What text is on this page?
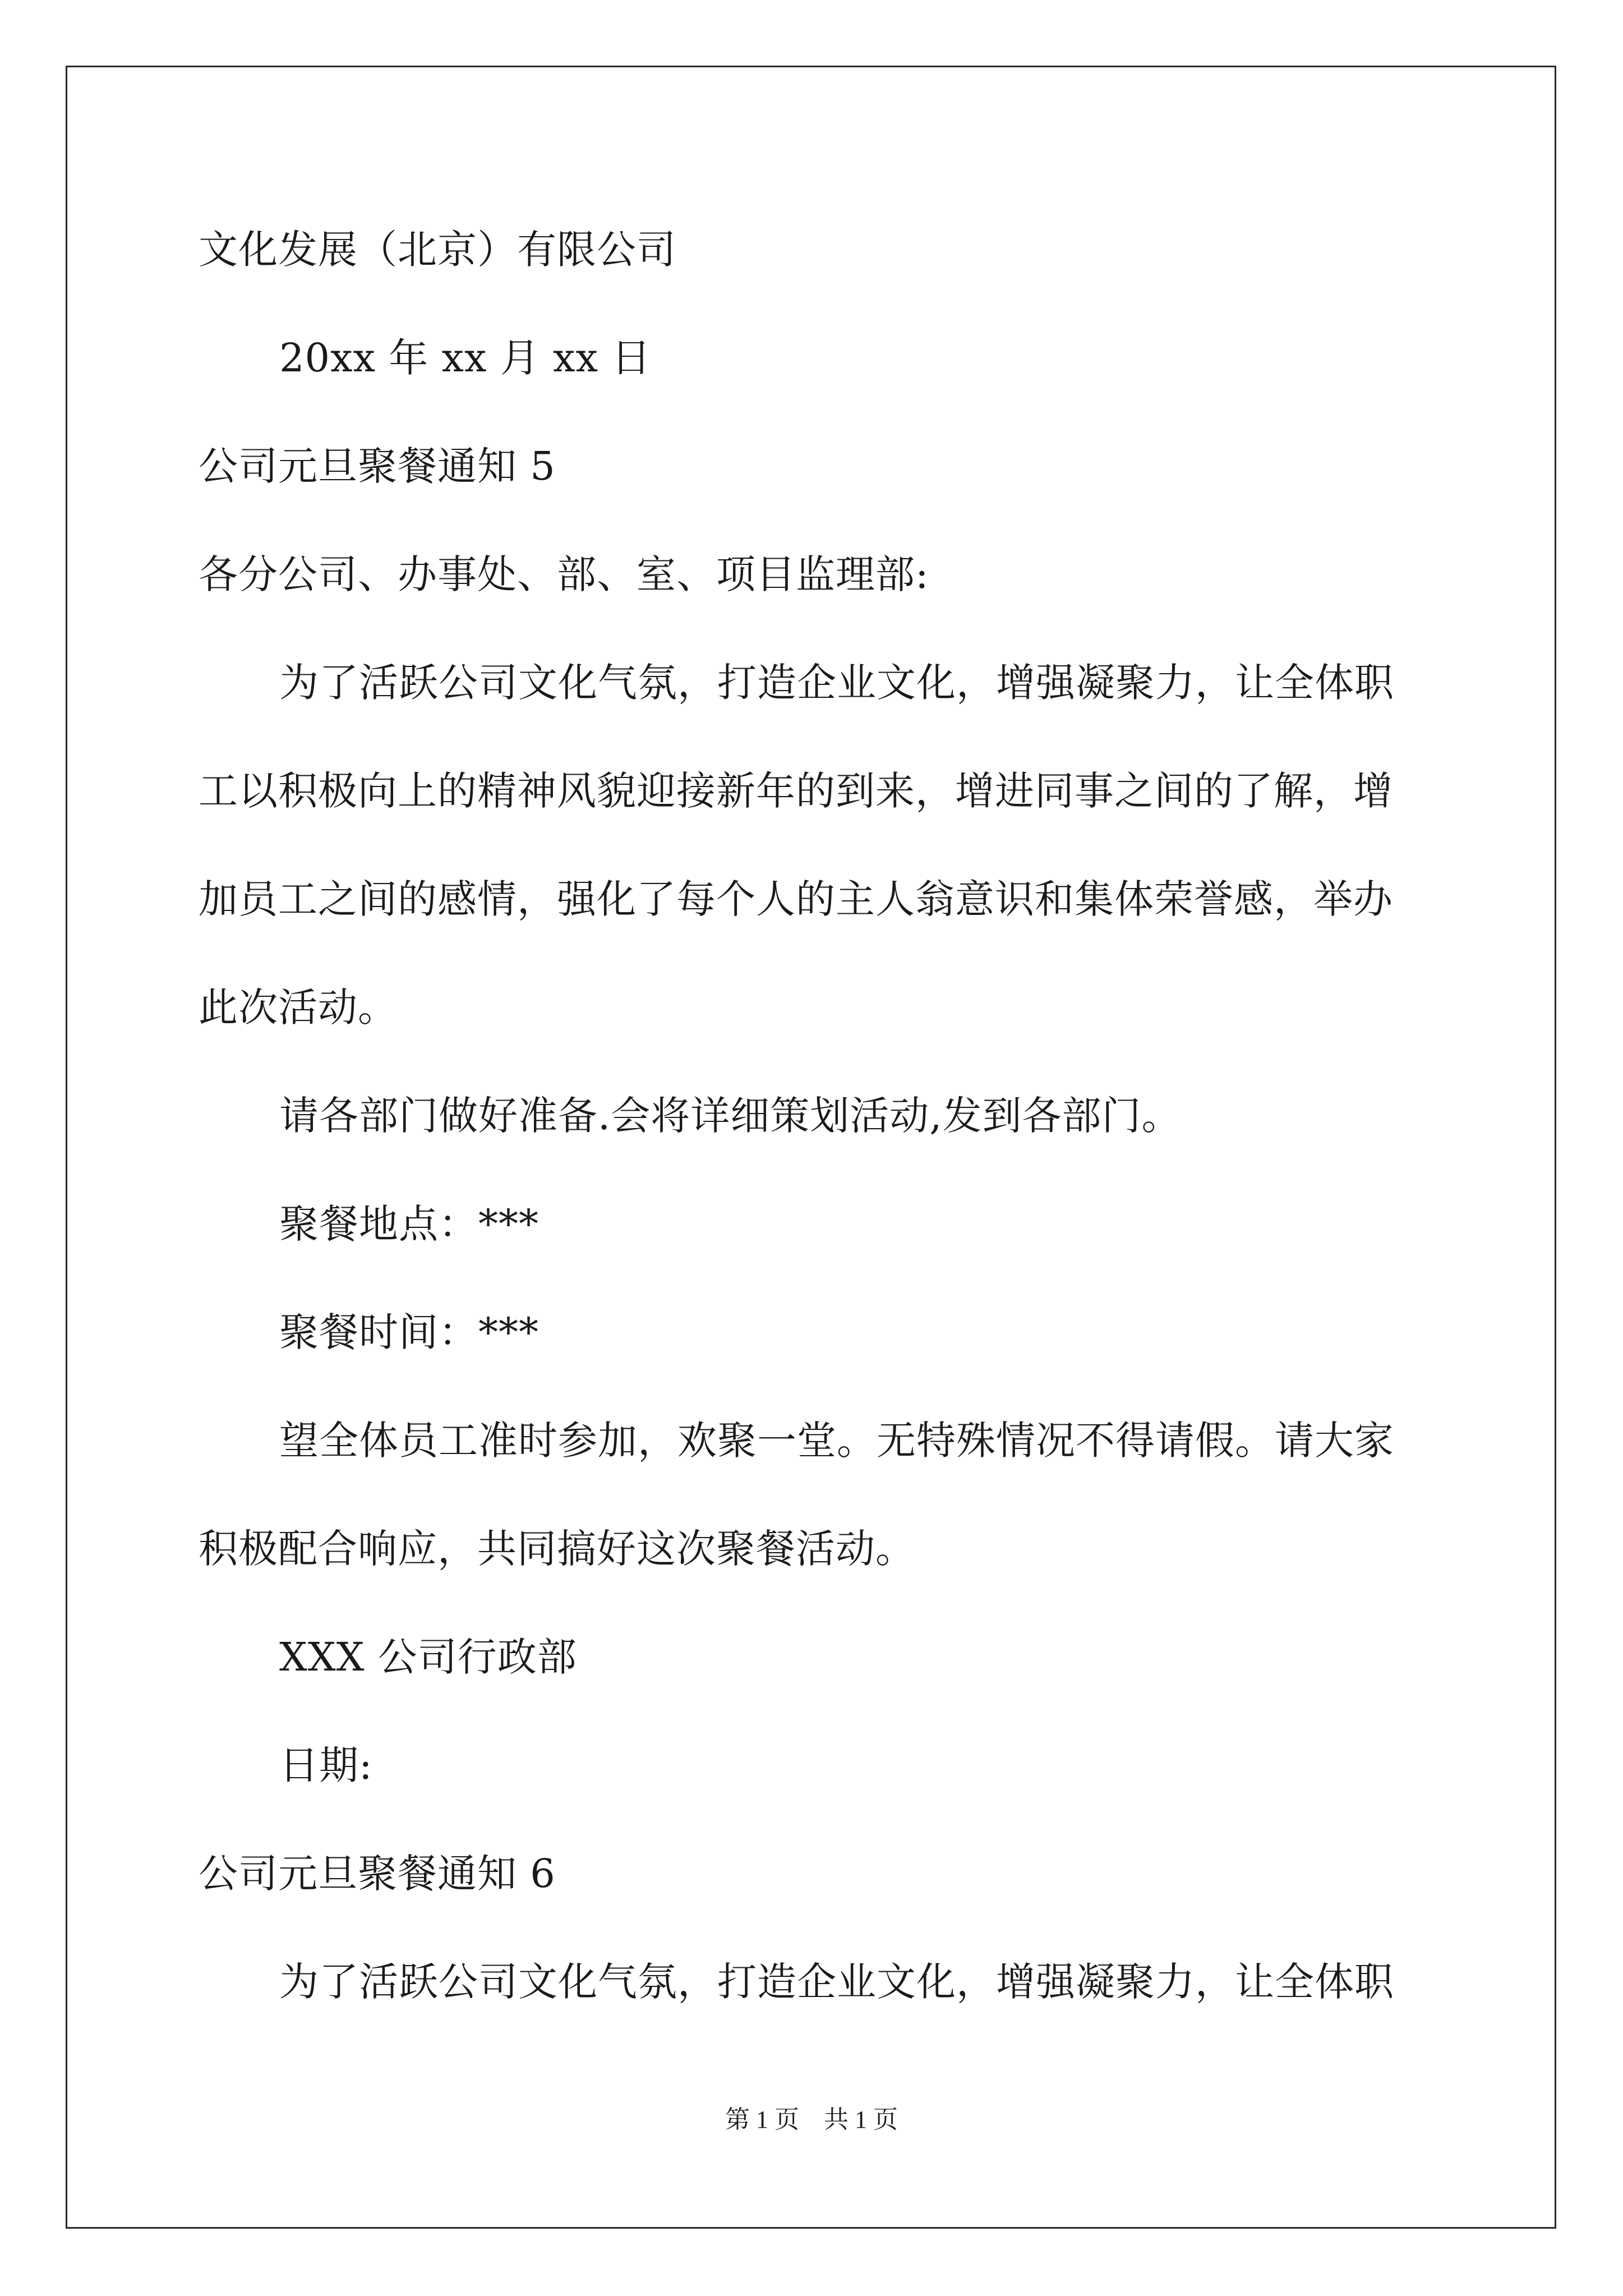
文化发展（北京）有限公司
20xx 年 xx 月 xx 日
公司元旦聚餐通知 5
各分公司、办事处、部、室、项目监理部:
为了活跃公司文化气氛，打造企业文化，增强凝聚力，让全体职
工以积极向上的精神风貌迎接新年的到来，增进同事之间的了解，增
加员工之间的感情，强化了每个人的主人翁意识和集体荣誉感，举办
此次活动。
请各部门做好准备.会将详细策划活动,发到各部门。
聚餐地点：***
聚餐时间：***
望全体员工准时参加，欢聚一堂。无特殊情况不得请假。请大家
积极配合响应，共同搞好这次聚餐活动。
XXX 公司行政部
日期:
公司元旦聚餐通知 6
为了活跃公司文化气氛，打造企业文化，增强凝聚力，让全体职
第 1 页　共 1 页
